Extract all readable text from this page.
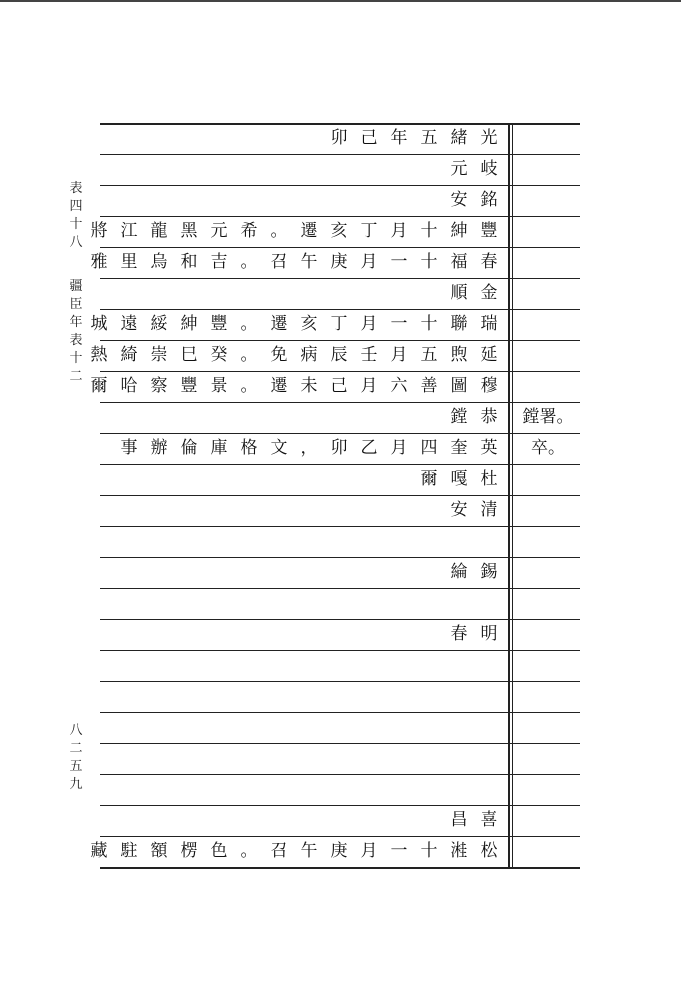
表
四
十
八
疆
臣
年
表
十
二
八
二
五
九
卯 己 年 五 緒 光
元 岐
安 銘
將 江 龍 黑 元 希 。 遷 亥 丁 月 十 紳 豐
雅 里 烏 和 吉 。 召 午 庚 月 一 十 福 春
順 金
城 遠 綏 紳 豐 。 遷 亥 丁 月 一 十 聯 瑞
熱 綺 崇 巳 癸 。 免 病 辰 壬 月 五 煦 延
爾 哈 察 豐 景 。 遷 未 己 月 六 善 圖 穆
鏜 恭	鏜署。
事 辦 倫 庫 格 文 ， 卯 乙 月 四 奎 英	卒。
爾 嘎 杜
安 清
綸 錫
春 明
昌 喜
藏 駐 額 楞 色 。 召 午 庚 月 一 十 溎 松
